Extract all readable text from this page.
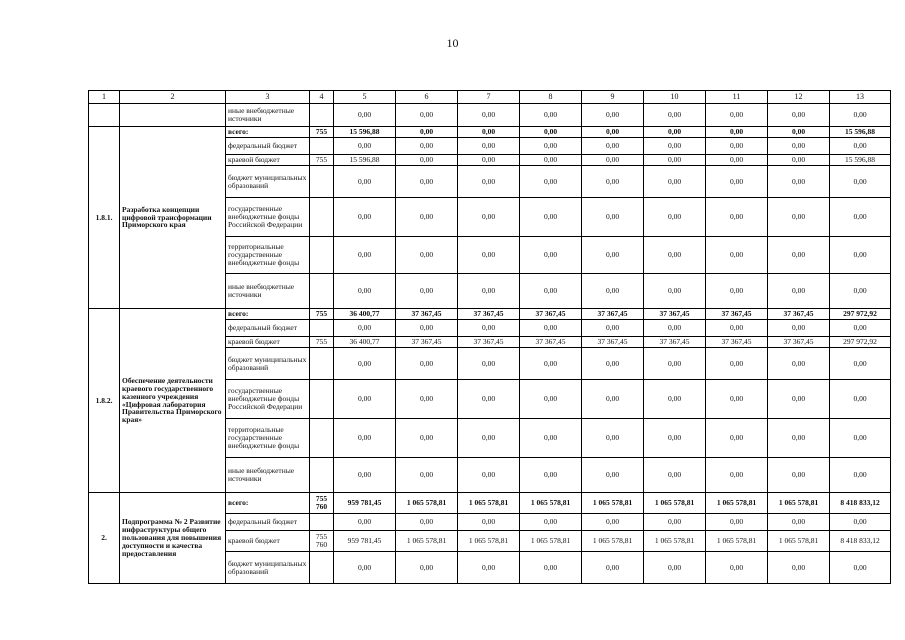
10
1	2	3	4	5	6	7	8	9	10	11	12	13
		иные внебюджетные источники		0,00	0,00	0,00	0,00	0,00	0,00	0,00	0,00	0,00
1.8.1.	Разработка концепции цифровой трансформации Приморского края	всего:	755	15 596,88	0,00	0,00	0,00	0,00	0,00	0,00	0,00	15 596,88
		федеральный бюджет		0,00	0,00	0,00	0,00	0,00	0,00	0,00	0,00	0,00
		краевой бюджет	755	15 596,88	0,00	0,00	0,00	0,00	0,00	0,00	0,00	15 596,88
		бюджет муниципальных образований		0,00	0,00	0,00	0,00	0,00	0,00	0,00	0,00	0,00
		государственные внебюджетные фонды Российской Федерации		0,00	0,00	0,00	0,00	0,00	0,00	0,00	0,00	0,00
		территориальные государственные внебюджетные фонды		0,00	0,00	0,00	0,00	0,00	0,00	0,00	0,00	0,00
		иные внебюджетные источники		0,00	0,00	0,00	0,00	0,00	0,00	0,00	0,00	0,00
1.8.2.	Обеспечение деятельности краевого государственного казенного учреждения «Цифровая лаборатория Правительства Приморского края»	всего:	755	36 400,77	37 367,45	37 367,45	37 367,45	37 367,45	37 367,45	37 367,45	37 367,45	297 972,92
		федеральный бюджет		0,00	0,00	0,00	0,00	0,00	0,00	0,00	0,00	0,00
		краевой бюджет	755	36 400,77	37 367,45	37 367,45	37 367,45	37 367,45	37 367,45	37 367,45	37 367,45	297 972,92
		бюджет муниципальных образований		0,00	0,00	0,00	0,00	0,00	0,00	0,00	0,00	0,00
		государственные внебюджетные фонды Российской Федерации		0,00	0,00	0,00	0,00	0,00	0,00	0,00	0,00	0,00
		территориальные государственные внебюджетные фонды		0,00	0,00	0,00	0,00	0,00	0,00	0,00	0,00	0,00
		иные внебюджетные источники		0,00	0,00	0,00	0,00	0,00	0,00	0,00	0,00	0,00
2.	Подпрограмма № 2 Развитие инфраструктуры общего пользования для повышения доступности и качества предоставления	всего:	755 760	959 781,45	1 065 578,81	1 065 578,81	1 065 578,81	1 065 578,81	1 065 578,81	1 065 578,81	1 065 578,81	8 418 833,12
		федеральный бюджет		0,00	0,00	0,00	0,00	0,00	0,00	0,00	0,00	0,00
		краевой бюджет	755 760	959 781,45	1 065 578,81	1 065 578,81	1 065 578,81	1 065 578,81	1 065 578,81	1 065 578,81	1 065 578,81	8 418 833,12
		бюджет муниципальных образований		0,00	0,00	0,00	0,00	0,00	0,00	0,00	0,00	0,00
